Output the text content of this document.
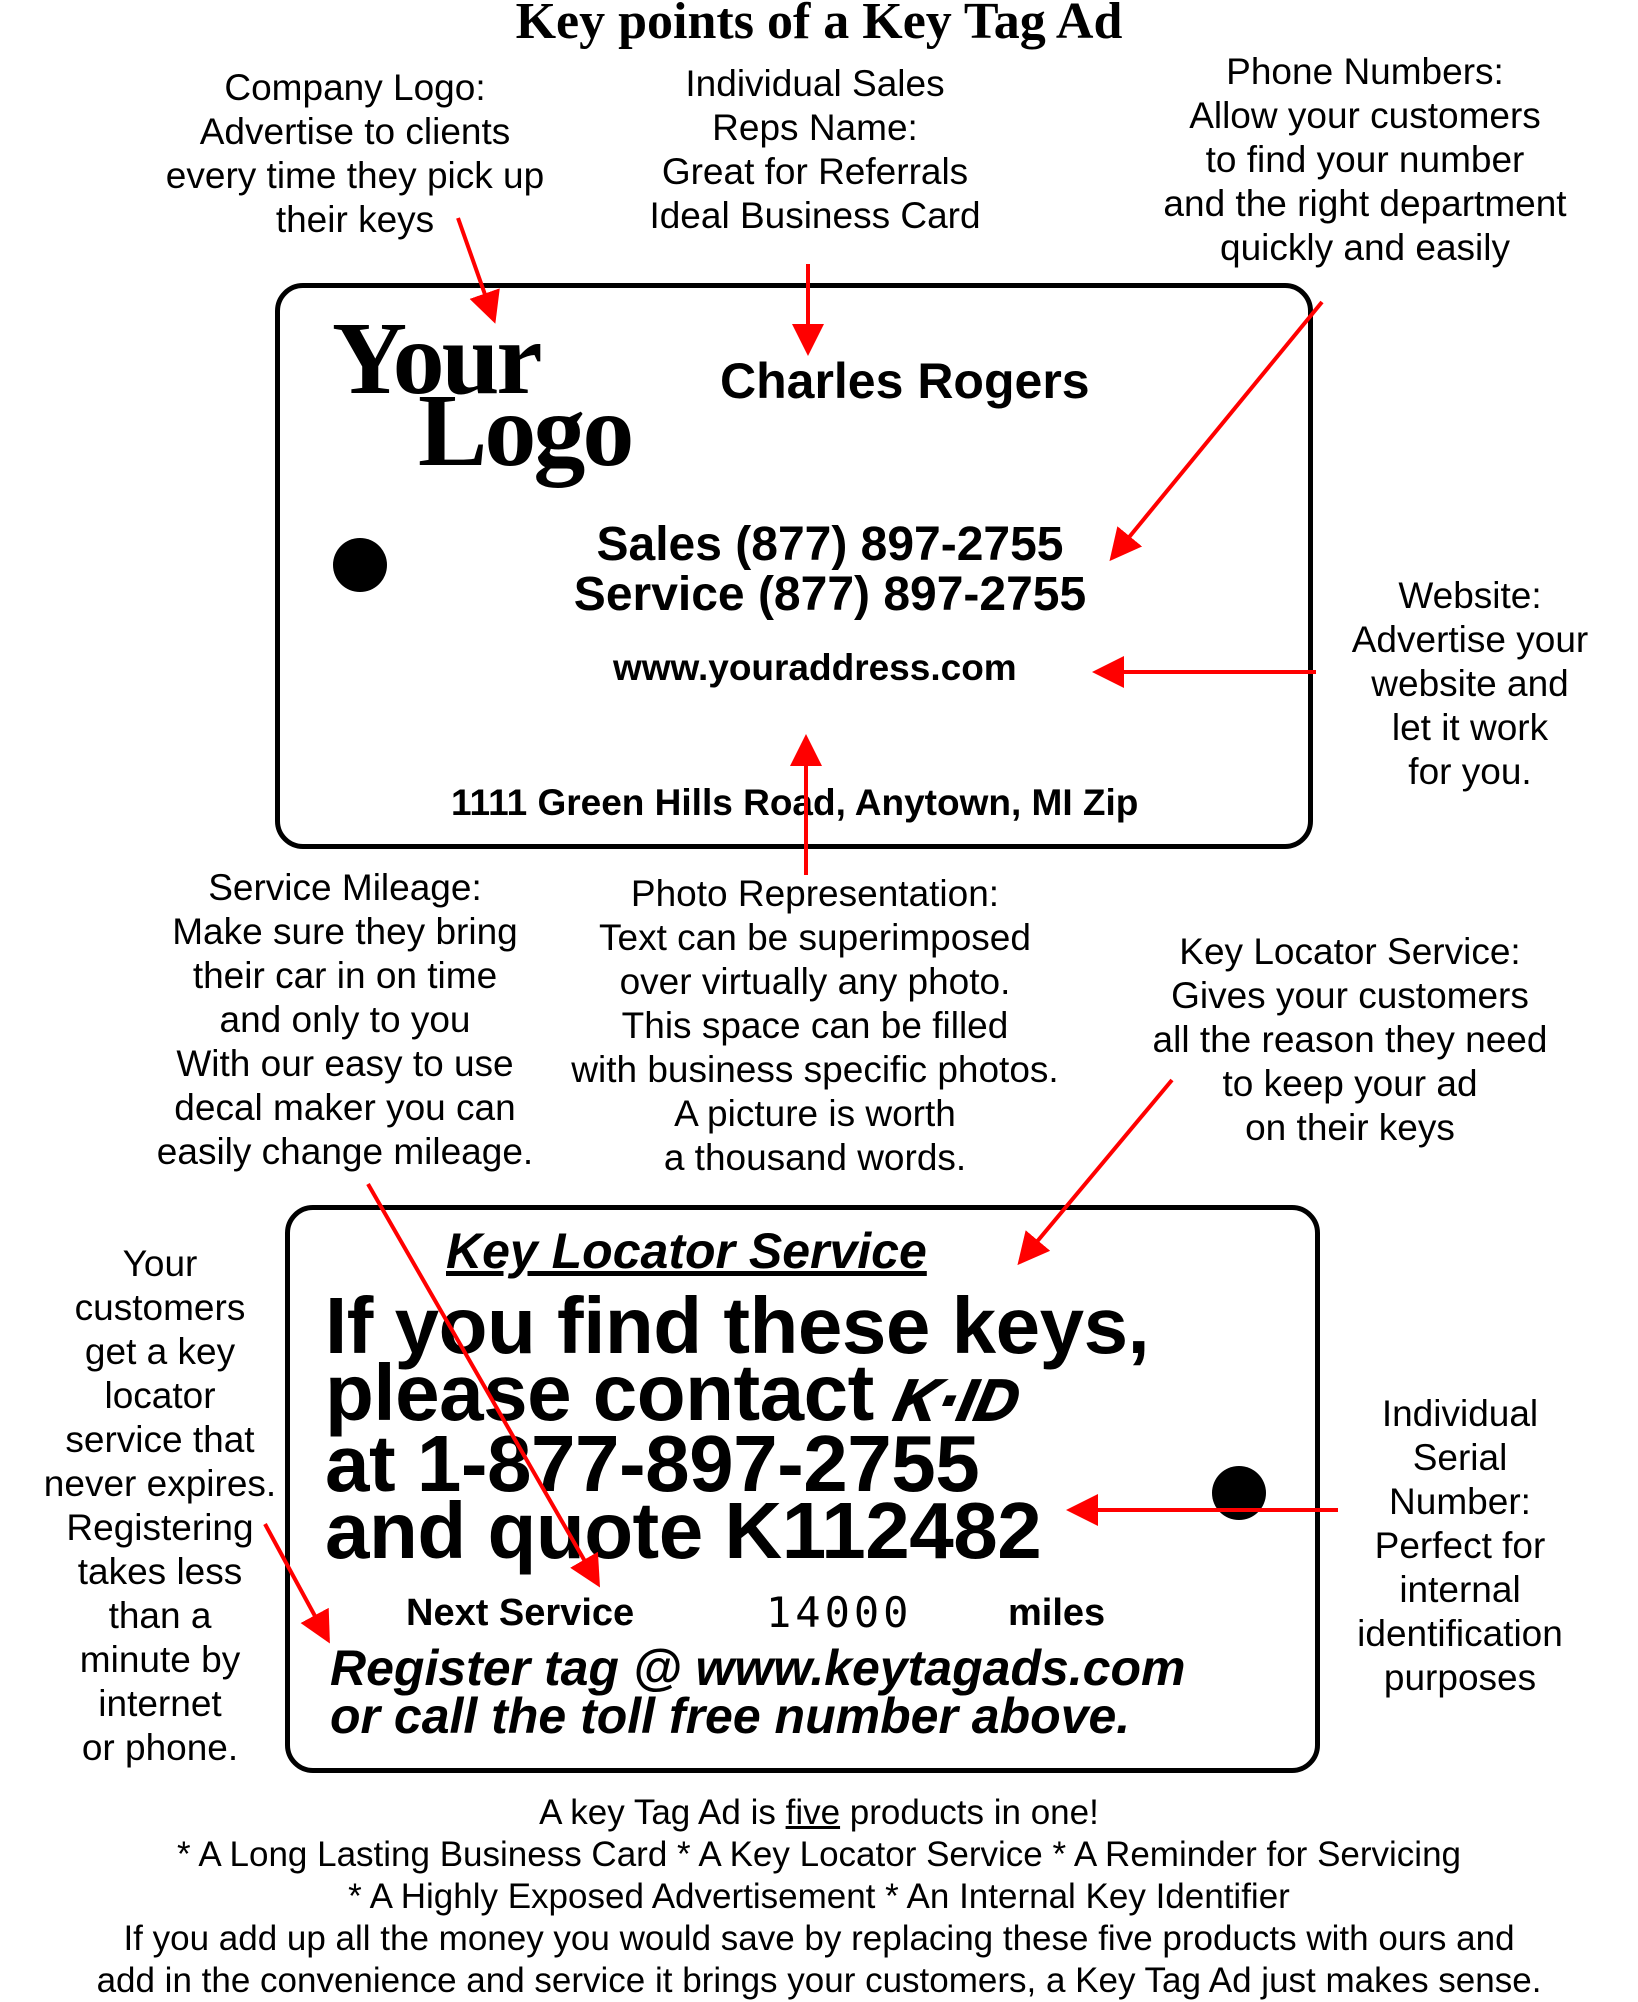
Key points of a Key Tag Ad
Company Logo:
Advertise to clients
every time they pick up
their keys
Individual Sales
Reps Name:
Great for Referrals
Ideal Business Card
Phone Numbers:
Allow your customers
to find your number
and the right department
quickly and easily
Your
Logo Charles Rogers
Sales (877) 897-2755
Service (877) 897-2755
www.youraddress.com
1111 Green Hills Road, Anytown, MI Zip
Website:
Advertise your
website and
let it work
for you.
Service Mileage:
Make sure they bring
their car in on time
and only to you
With our easy to use
decal maker you can
easily change mileage.
Photo Representation:
Text can be superimposed
over virtually any photo.
This space can be filled
with business specific photos.
A picture is worth
a thousand words.
Key Locator Service:
Gives your customers
all the reason they need
to keep your ad
on their keys
Key Locator Service
If you find these keys,
please contact K·ID
at 1-877-897-2755
and quote K112482
Next Service	14000	miles
Register tag @ www.keytagads.com
or call the toll free number above.
Your
customers
get a key
locator
service that
never expires.
Registering
takes less
than a
minute by
internet
or phone.
Individual
Serial
Number:
Perfect for
internal
identification
purposes
A key Tag Ad is five products in one!
* A Long Lasting Business Card * A Key Locator Service * A Reminder for Servicing
* A Highly Exposed Advertisement * An Internal Key Identifier
If you add up all the money you would save by replacing these five products with ours and
add in the convenience and service it brings your customers, a Key Tag Ad just makes sense.
